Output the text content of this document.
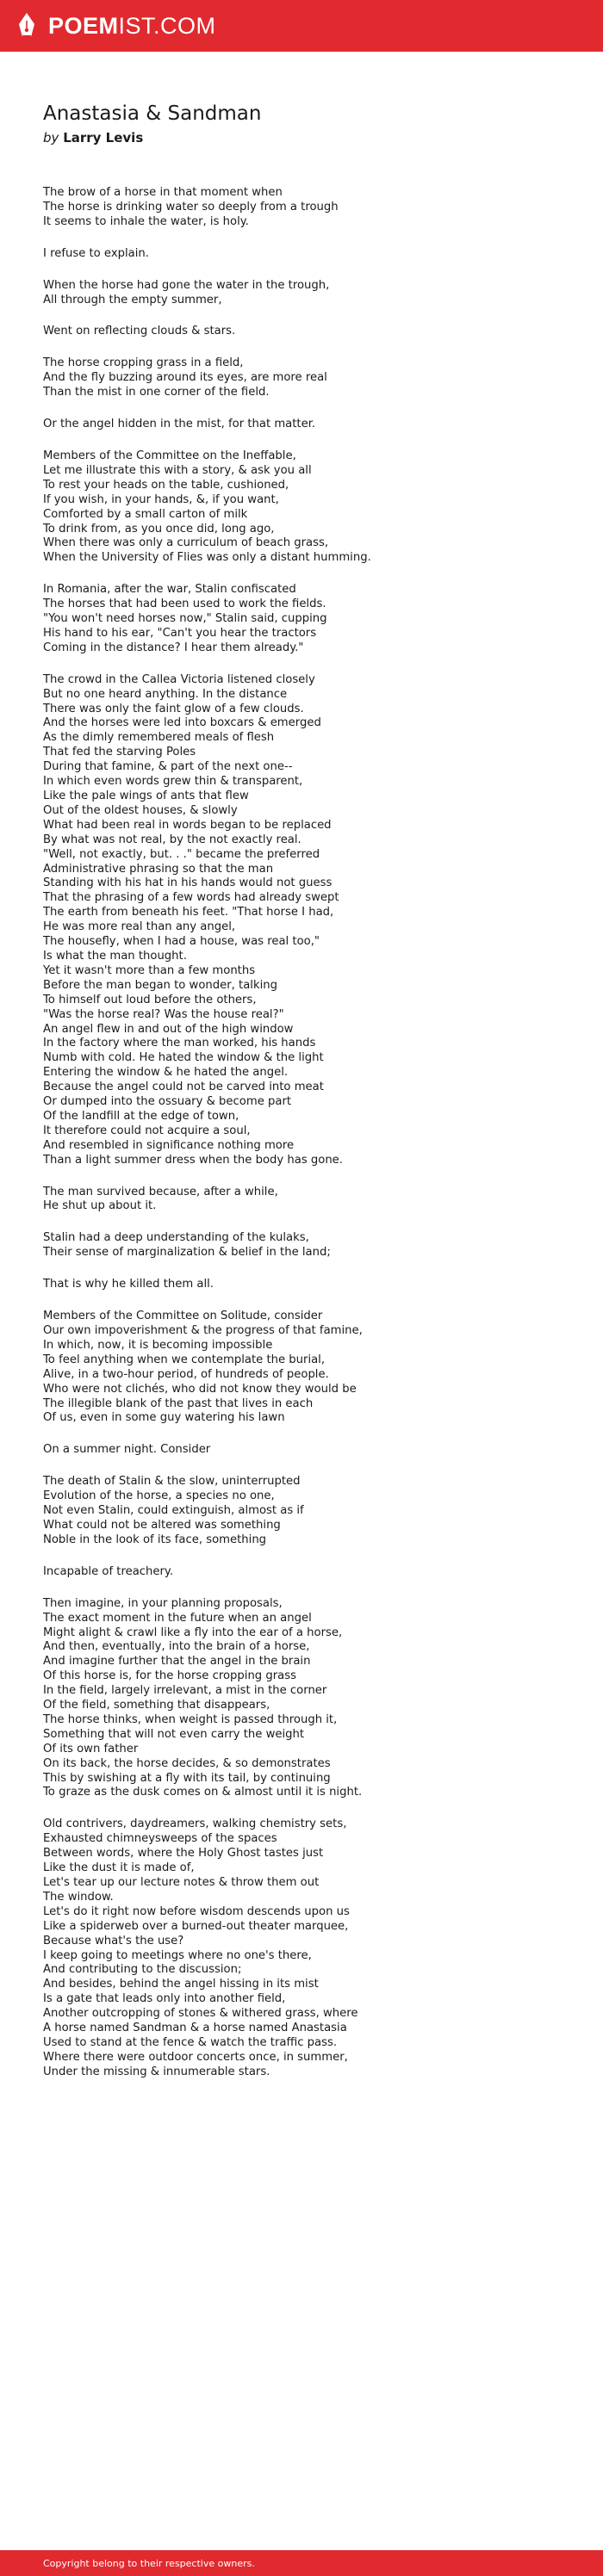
POEMIST.COM
Anastasia & Sandman
by Larry Levis
The brow of a horse in that moment when
The horse is drinking water so deeply from a trough
It seems to inhale the water, is holy.
I refuse to explain.
When the horse had gone the water in the trough,
All through the empty summer,
Went on reflecting clouds & stars.
The horse cropping grass in a field,
And the fly buzzing around its eyes, are more real
Than the mist in one corner of the field.
Or the angel hidden in the mist, for that matter.
Members of the Committee on the Ineffable,
Let me illustrate this with a story, & ask you all
To rest your heads on the table, cushioned,
If you wish, in your hands, &, if you want,
Comforted by a small carton of milk
To drink from, as you once did, long ago,
When there was only a curriculum of beach grass,
When the University of Flies was only a distant humming.
In Romania, after the war, Stalin confiscated
The horses that had been used to work the fields.
"You won't need horses now," Stalin said, cupping
His hand to his ear, "Can't you hear the tractors
Coming in the distance? I hear them already."
The crowd in the Callea Victoria listened closely
But no one heard anything. In the distance
There was only the faint glow of a few clouds.
And the horses were led into boxcars & emerged
As the dimly remembered meals of flesh
That fed the starving Poles
During that famine, & part of the next one--
In which even words grew thin & transparent,
Like the pale wings of ants that flew
Out of the oldest houses, & slowly
What had been real in words began to be replaced
By what was not real, by the not exactly real.
"Well, not exactly, but. . ." became the preferred
Administrative phrasing so that the man
Standing with his hat in his hands would not guess
That the phrasing of a few words had already swept
The earth from beneath his feet. "That horse I had,
He was more real than any angel,
The housefly, when I had a house, was real too,"
Is what the man thought.
Yet it wasn't more than a few months
Before the man began to wonder, talking
To himself out loud before the others,
"Was the horse real? Was the house real?"
An angel flew in and out of the high window
In the factory where the man worked, his hands
Numb with cold. He hated the window & the light
Entering the window & he hated the angel.
Because the angel could not be carved into meat
Or dumped into the ossuary & become part
Of the landfill at the edge of town,
It therefore could not acquire a soul,
And resembled in significance nothing more
Than a light summer dress when the body has gone.
The man survived because, after a while,
He shut up about it.
Stalin had a deep understanding of the kulaks,
Their sense of marginalization & belief in the land;
That is why he killed them all.
Members of the Committee on Solitude, consider
Our own impoverishment & the progress of that famine,
In which, now, it is becoming impossible
To feel anything when we contemplate the burial,
Alive, in a two-hour period, of hundreds of people.
Who were not clichés, who did not know they would be
The illegible blank of the past that lives in each
Of us, even in some guy watering his lawn
On a summer night. Consider
The death of Stalin & the slow, uninterrupted
Evolution of the horse, a species no one,
Not even Stalin, could extinguish, almost as if
What could not be altered was something
Noble in the look of its face, something
Incapable of treachery.
Then imagine, in your planning proposals,
The exact moment in the future when an angel
Might alight & crawl like a fly into the ear of a horse,
And then, eventually, into the brain of a horse,
And imagine further that the angel in the brain
Of this horse is, for the horse cropping grass
In the field, largely irrelevant, a mist in the corner
Of the field, something that disappears,
The horse thinks, when weight is passed through it,
Something that will not even carry the weight
Of its own father
On its back, the horse decides, & so demonstrates
This by swishing at a fly with its tail, by continuing
To graze as the dusk comes on & almost until it is night.
Old contrivers, daydreamers, walking chemistry sets,
Exhausted chimneysweeps of the spaces
Between words, where the Holy Ghost tastes just
Like the dust it is made of,
Let's tear up our lecture notes & throw them out
The window.
Let's do it right now before wisdom descends upon us
Like a spiderweb over a burned-out theater marquee,
Because what's the use?
I keep going to meetings where no one's there,
And contributing to the discussion;
And besides, behind the angel hissing in its mist
Is a gate that leads only into another field,
Another outcropping of stones & withered grass, where
A horse named Sandman & a horse named Anastasia
Used to stand at the fence & watch the traffic pass.
Where there were outdoor concerts once, in summer,
Under the missing & innumerable stars.
Copyright belong to their respective owners.
